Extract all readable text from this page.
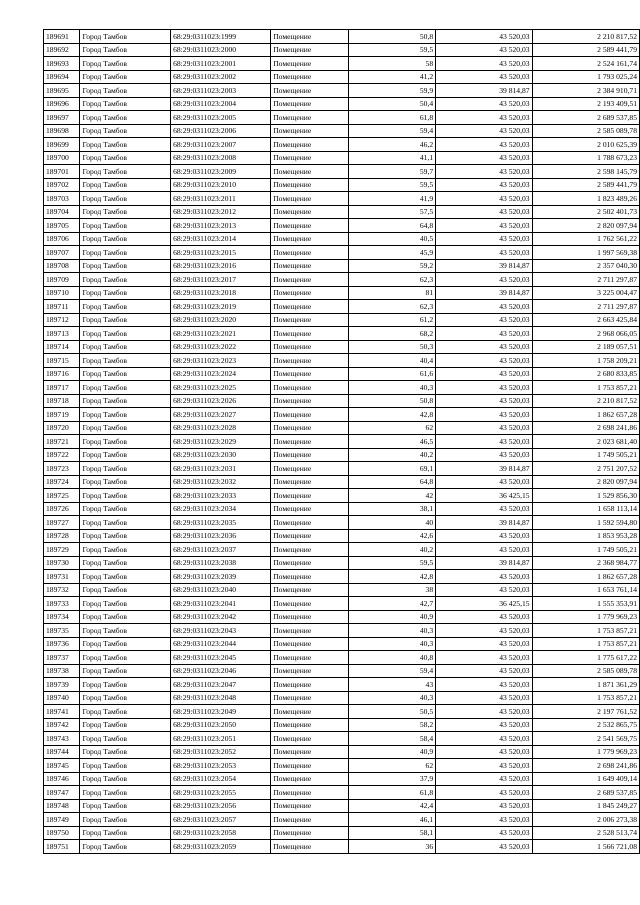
189691	Город Тамбов	68:29:0311023:1999	Помещение	50,8	43 520,03	2 210 817,52
189692	Город Тамбов	68:29:0311023:2000	Помещение	59,5	43 520,03	2 589 441,79
189693	Город Тамбов	68:29:0311023:2001	Помещение	58	43 520,03	2 524 161,74
189694	Город Тамбов	68:29:0311023:2002	Помещение	41,2	43 520,03	1 793 025,24
189695	Город Тамбов	68:29:0311023:2003	Помещение	59,9	39 814,87	2 384 910,71
189696	Город Тамбов	68:29:0311023:2004	Помещение	50,4	43 520,03	2 193 409,51
189697	Город Тамбов	68:29:0311023:2005	Помещение	61,8	43 520,03	2 689 537,85
189698	Город Тамбов	68:29:0311023:2006	Помещение	59,4	43 520,03	2 585 089,78
189699	Город Тамбов	68:29:0311023:2007	Помещение	46,2	43 520,03	2 010 625,39
189700	Город Тамбов	68:29:0311023:2008	Помещение	41,1	43 520,03	1 788 673,23
189701	Город Тамбов	68:29:0311023:2009	Помещение	59,7	43 520,03	2 598 145,79
189702	Город Тамбов	68:29:0311023:2010	Помещение	59,5	43 520,03	2 589 441,79
189703	Город Тамбов	68:29:0311023:2011	Помещение	41,9	43 520,03	1 823 489,26
189704	Город Тамбов	68:29:0311023:2012	Помещение	57,5	43 520,03	2 502 401,73
189705	Город Тамбов	68:29:0311023:2013	Помещение	64,8	43 520,03	2 820 097,94
189706	Город Тамбов	68:29:0311023:2014	Помещение	40,5	43 520,03	1 762 561,22
189707	Город Тамбов	68:29:0311023:2015	Помещение	45,9	43 520,03	1 997 569,38
189708	Город Тамбов	68:29:0311023:2016	Помещение	59,2	39 814,87	2 357 040,30
189709	Город Тамбов	68:29:0311023:2017	Помещение	62,3	43 520,03	2 711 297,87
189710	Город Тамбов	68:29:0311023:2018	Помещение	81	39 814,87	3 225 004,47
189711	Город Тамбов	68:29:0311023:2019	Помещение	62,3	43 520,03	2 711 297,87
189712	Город Тамбов	68:29:0311023:2020	Помещение	61,2	43 520,03	2 663 425,84
189713	Город Тамбов	68:29:0311023:2021	Помещение	68,2	43 520,03	2 968 066,05
189714	Город Тамбов	68:29:0311023:2022	Помещение	50,3	43 520,03	2 189 057,51
189715	Город Тамбов	68:29:0311023:2023	Помещение	40,4	43 520,03	1 758 209,21
189716	Город Тамбов	68:29:0311023:2024	Помещение	61,6	43 520,03	2 680 833,85
189717	Город Тамбов	68:29:0311023:2025	Помещение	40,3	43 520,03	1 753 857,21
189718	Город Тамбов	68:29:0311023:2026	Помещение	50,8	43 520,03	2 210 817,52
189719	Город Тамбов	68:29:0311023:2027	Помещение	42,8	43 520,03	1 862 657,28
189720	Город Тамбов	68:29:0311023:2028	Помещение	62	43 520,03	2 698 241,86
189721	Город Тамбов	68:29:0311023:2029	Помещение	46,5	43 520,03	2 023 681,40
189722	Город Тамбов	68:29:0311023:2030	Помещение	40,2	43 520,03	1 749 505,21
189723	Город Тамбов	68:29:0311023:2031	Помещение	69,1	39 814,87	2 751 207,52
189724	Город Тамбов	68:29:0311023:2032	Помещение	64,8	43 520,03	2 820 097,94
189725	Город Тамбов	68:29:0311023:2033	Помещение	42	36 425,15	1 529 856,30
189726	Город Тамбов	68:29:0311023:2034	Помещение	38,1	43 520,03	1 658 113,14
189727	Город Тамбов	68:29:0311023:2035	Помещение	40	39 814,87	1 592 594,80
189728	Город Тамбов	68:29:0311023:2036	Помещение	42,6	43 520,03	1 853 953,28
189729	Город Тамбов	68:29:0311023:2037	Помещение	40,2	43 520,03	1 749 505,21
189730	Город Тамбов	68:29:0311023:2038	Помещение	59,5	39 814,87	2 368 984,77
189731	Город Тамбов	68:29:0311023:2039	Помещение	42,8	43 520,03	1 862 657,28
189732	Город Тамбов	68:29:0311023:2040	Помещение	38	43 520,03	1 653 761,14
189733	Город Тамбов	68:29:0311023:2041	Помещение	42,7	36 425,15	1 555 353,91
189734	Город Тамбов	68:29:0311023:2042	Помещение	40,9	43 520,03	1 779 969,23
189735	Город Тамбов	68:29:0311023:2043	Помещение	40,3	43 520,03	1 753 857,21
189736	Город Тамбов	68:29:0311023:2044	Помещение	40,3	43 520,03	1 753 857,21
189737	Город Тамбов	68:29:0311023:2045	Помещение	40,8	43 520,03	1 775 617,22
189738	Город Тамбов	68:29:0311023:2046	Помещение	59,4	43 520,03	2 585 089,78
189739	Город Тамбов	68:29:0311023:2047	Помещение	43	43 520,03	1 871 361,29
189740	Город Тамбов	68:29:0311023:2048	Помещение	40,3	43 520,03	1 753 857,21
189741	Город Тамбов	68:29:0311023:2049	Помещение	50,5	43 520,03	2 197 761,52
189742	Город Тамбов	68:29:0311023:2050	Помещение	58,2	43 520,03	2 532 865,75
189743	Город Тамбов	68:29:0311023:2051	Помещение	58,4	43 520,03	2 541 569,75
189744	Город Тамбов	68:29:0311023:2052	Помещение	40,9	43 520,03	1 779 969,23
189745	Город Тамбов	68:29:0311023:2053	Помещение	62	43 520,03	2 698 241,86
189746	Город Тамбов	68:29:0311023:2054	Помещение	37,9	43 520,03	1 649 409,14
189747	Город Тамбов	68:29:0311023:2055	Помещение	61,8	43 520,03	2 689 537,85
189748	Город Тамбов	68:29:0311023:2056	Помещение	42,4	43 520,03	1 845 249,27
189749	Город Тамбов	68:29:0311023:2057	Помещение	46,1	43 520,03	2 006 273,38
189750	Город Тамбов	68:29:0311023:2058	Помещение	58,1	43 520,03	2 528 513,74
189751	Город Тамбов	68:29:0311023:2059	Помещение	36	43 520,03	1 566 721,08
